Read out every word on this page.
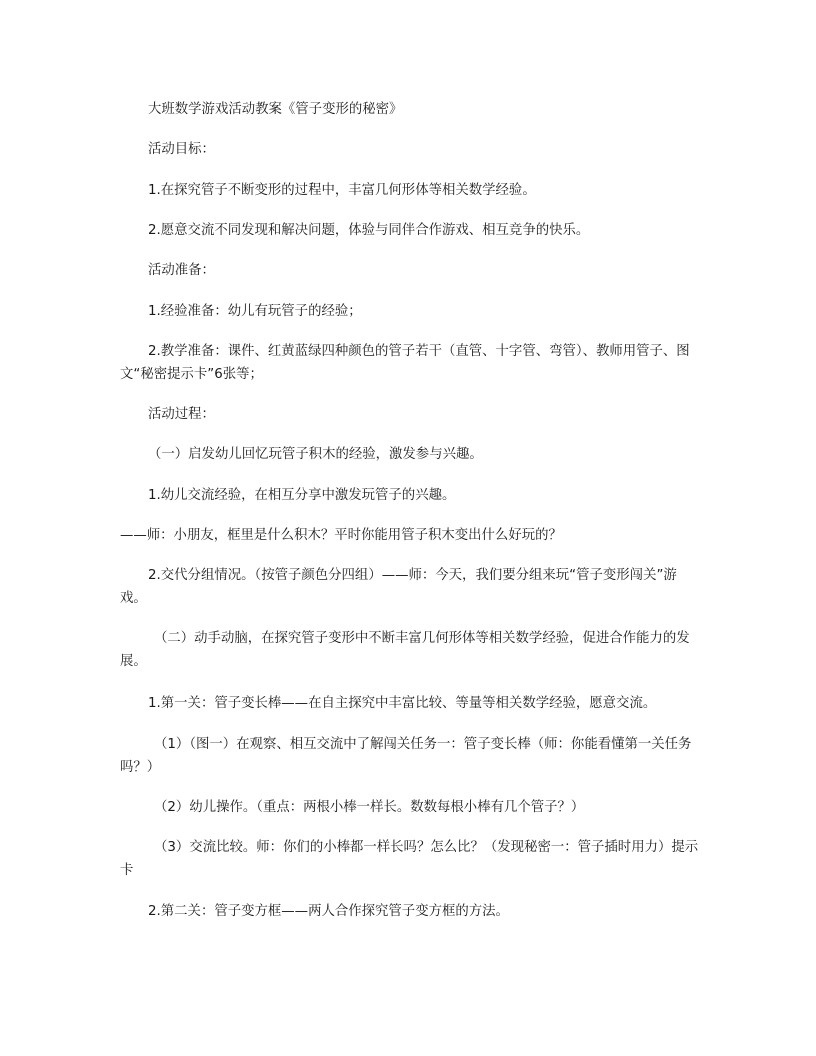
大班数学游戏活动教案《管子变形的秘密》

活动目标：

1.在探究管子不断变形的过程中，丰富几何形体等相关数学经验。

2.愿意交流不同发现和解决问题，体验与同伴合作游戏、相互竞争的快乐。

活动准备：

1.经验准备：幼儿有玩管子的经验；

2.教学准备：课件、红黄蓝绿四种颜色的管子若干（直管、十字管、弯管）、教师用管子、图文“秘密提示卡”6张等；

活动过程：

（一）启发幼儿回忆玩管子积木的经验，激发参与兴趣。

1.幼儿交流经验，在相互分享中激发玩管子的兴趣。

——师：小朋友，框里是什么积木？平时你能用管子积木变出什么好玩的？

2.交代分组情况。（按管子颜色分四组）——师：今天，我们要分组来玩“管子变形闯关”游戏。

（二）动手动脑，在探究管子变形中不断丰富几何形体等相关数学经验，促进合作能力的发展。

1.第一关：管子变长棒——在自主探究中丰富比较、等量等相关数学经验，愿意交流。

（1）（图一）在观察、相互交流中了解闯关任务一：管子变长棒（师：你能看懂第一关任务吗？）

（2）幼儿操作。（重点：两根小棒一样长。数数每根小棒有几个管子？）

（3）交流比较。师：你们的小棒都一样长吗？怎么比？（发现秘密一：管子插时用力）提示卡

2.第二关：管子变方框——两人合作探究管子变方框的方法。
